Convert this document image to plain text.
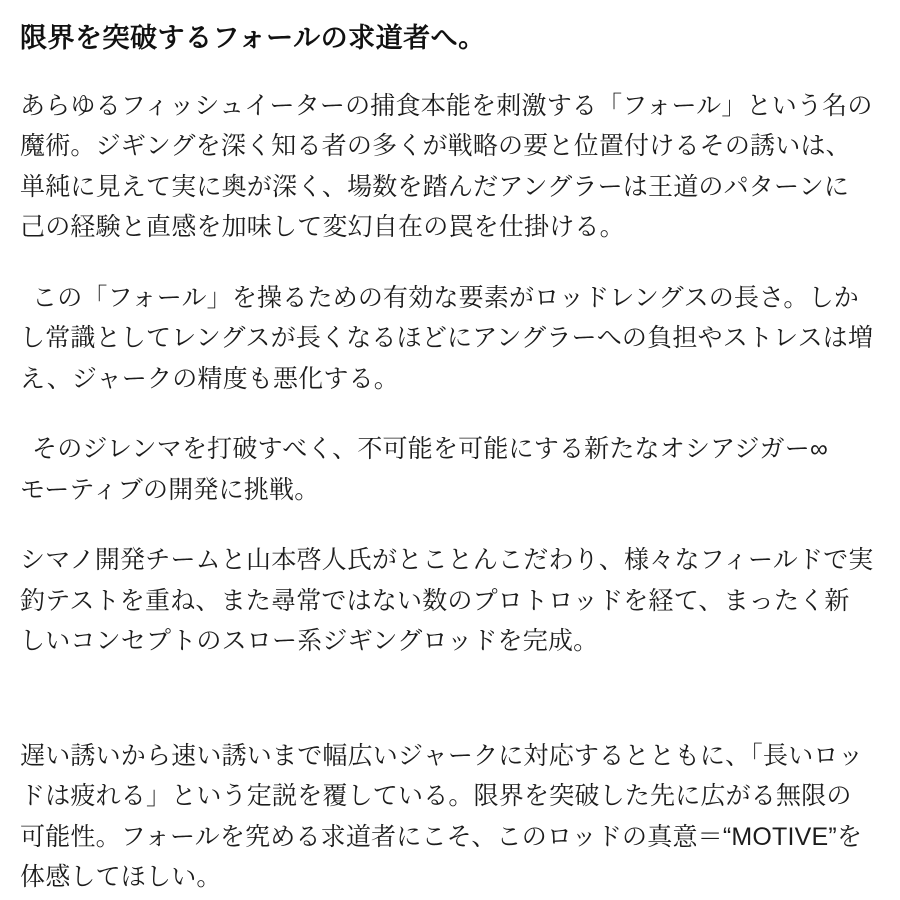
限界を突破するフォールの求道者へ。

あらゆるフィッシュイーターの捕食本能を刺激する「フォール」という名の魔術。ジギングを深く知る者の多くが戦略の要と位置付けるその誘いは、単純に見えて実に奥が深く、場数を踏んだアングラーは王道のパターンに己の経験と直感を加味して変幻自在の罠を仕掛ける。

この「フォール」を操るための有効な要素がロッドレングスの長さ。しかし常識としてレングスが長くなるほどにアングラーへの負担やストレスは増え、ジャークの精度も悪化する。

そのジレンマを打破すべく、不可能を可能にする新たなオシアジガー∞　モーティブの開発に挑戦。

シマノ開発チームと山本啓人氏がとことんこだわり、様々なフィールドで実釣テストを重ね、また尋常ではない数のプロトロッドを経て、まったく新しいコンセプトのスロー系ジギングロッドを完成。

遅い誘いから速い誘いまで幅広いジャークに対応するとともに、「長いロッドは疲れる」という定説を覆している。限界を突破した先に広がる無限の可能性。フォールを究める求道者にこそ、このロッドの真意＝“MOTIVE”を体感してほしい。
